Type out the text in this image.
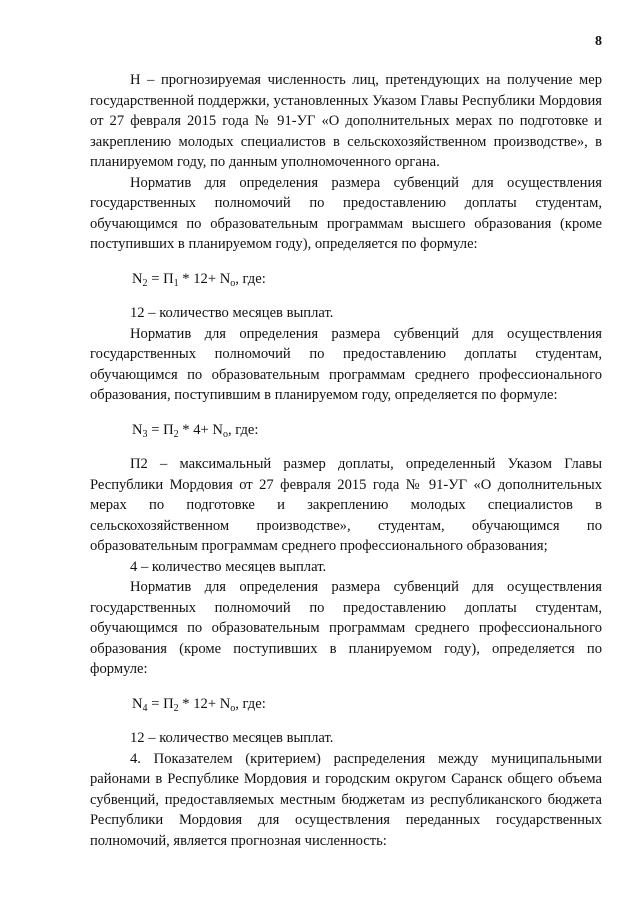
8

Н – прогнозируемая численность лиц, претендующих на получение мер государственной поддержки, установленных Указом Главы Республики Мордовия от 27 февраля 2015 года № 91-УГ «О дополнительных мерах по подготовке и закреплению молодых специалистов в сельскохозяйственном производстве», в планируемом году, по данным уполномоченного органа.

Норматив для определения размера субвенций для осуществления государственных полномочий по предоставлению доплаты студентам, обучающимся по образовательным программам высшего образования (кроме поступивших в планируемом году), определяется по формуле:

$N_2 = П_1 * 12+ N_о$, где:

12 – количество месяцев выплат.

Норматив для определения размера субвенций для осуществления государственных полномочий по предоставлению доплаты студентам, обучающимся по образовательным программам среднего профессионального образования, поступившим в планируемом году, определяется по формуле:

$N_3 = П_2 * 4+ N_о$, где:

П2 – максимальный размер доплаты, определенный Указом Главы Республики Мордовия от 27 февраля 2015 года № 91-УГ «О дополнительных мерах по подготовке и закреплению молодых специалистов в сельскохозяйственном производстве», студентам, обучающимся по образовательным программам среднего профессионального образования;

4 – количество месяцев выплат.

Норматив для определения размера субвенций для осуществления государственных полномочий по предоставлению доплаты студентам, обучающимся по образовательным программам среднего профессионального образования (кроме поступивших в планируемом году), определяется по формуле:

$N_4 = П_2 * 12+ N_о$, где:

12 – количество месяцев выплат.

4. Показателем (критерием) распределения между муниципальными районами в Республике Мордовия и городским округом Саранск общего объема субвенций, предоставляемых местным бюджетам из республиканского бюджета Республики Мордовия для осуществления переданных государственных полномочий, является прогнозная численность:
